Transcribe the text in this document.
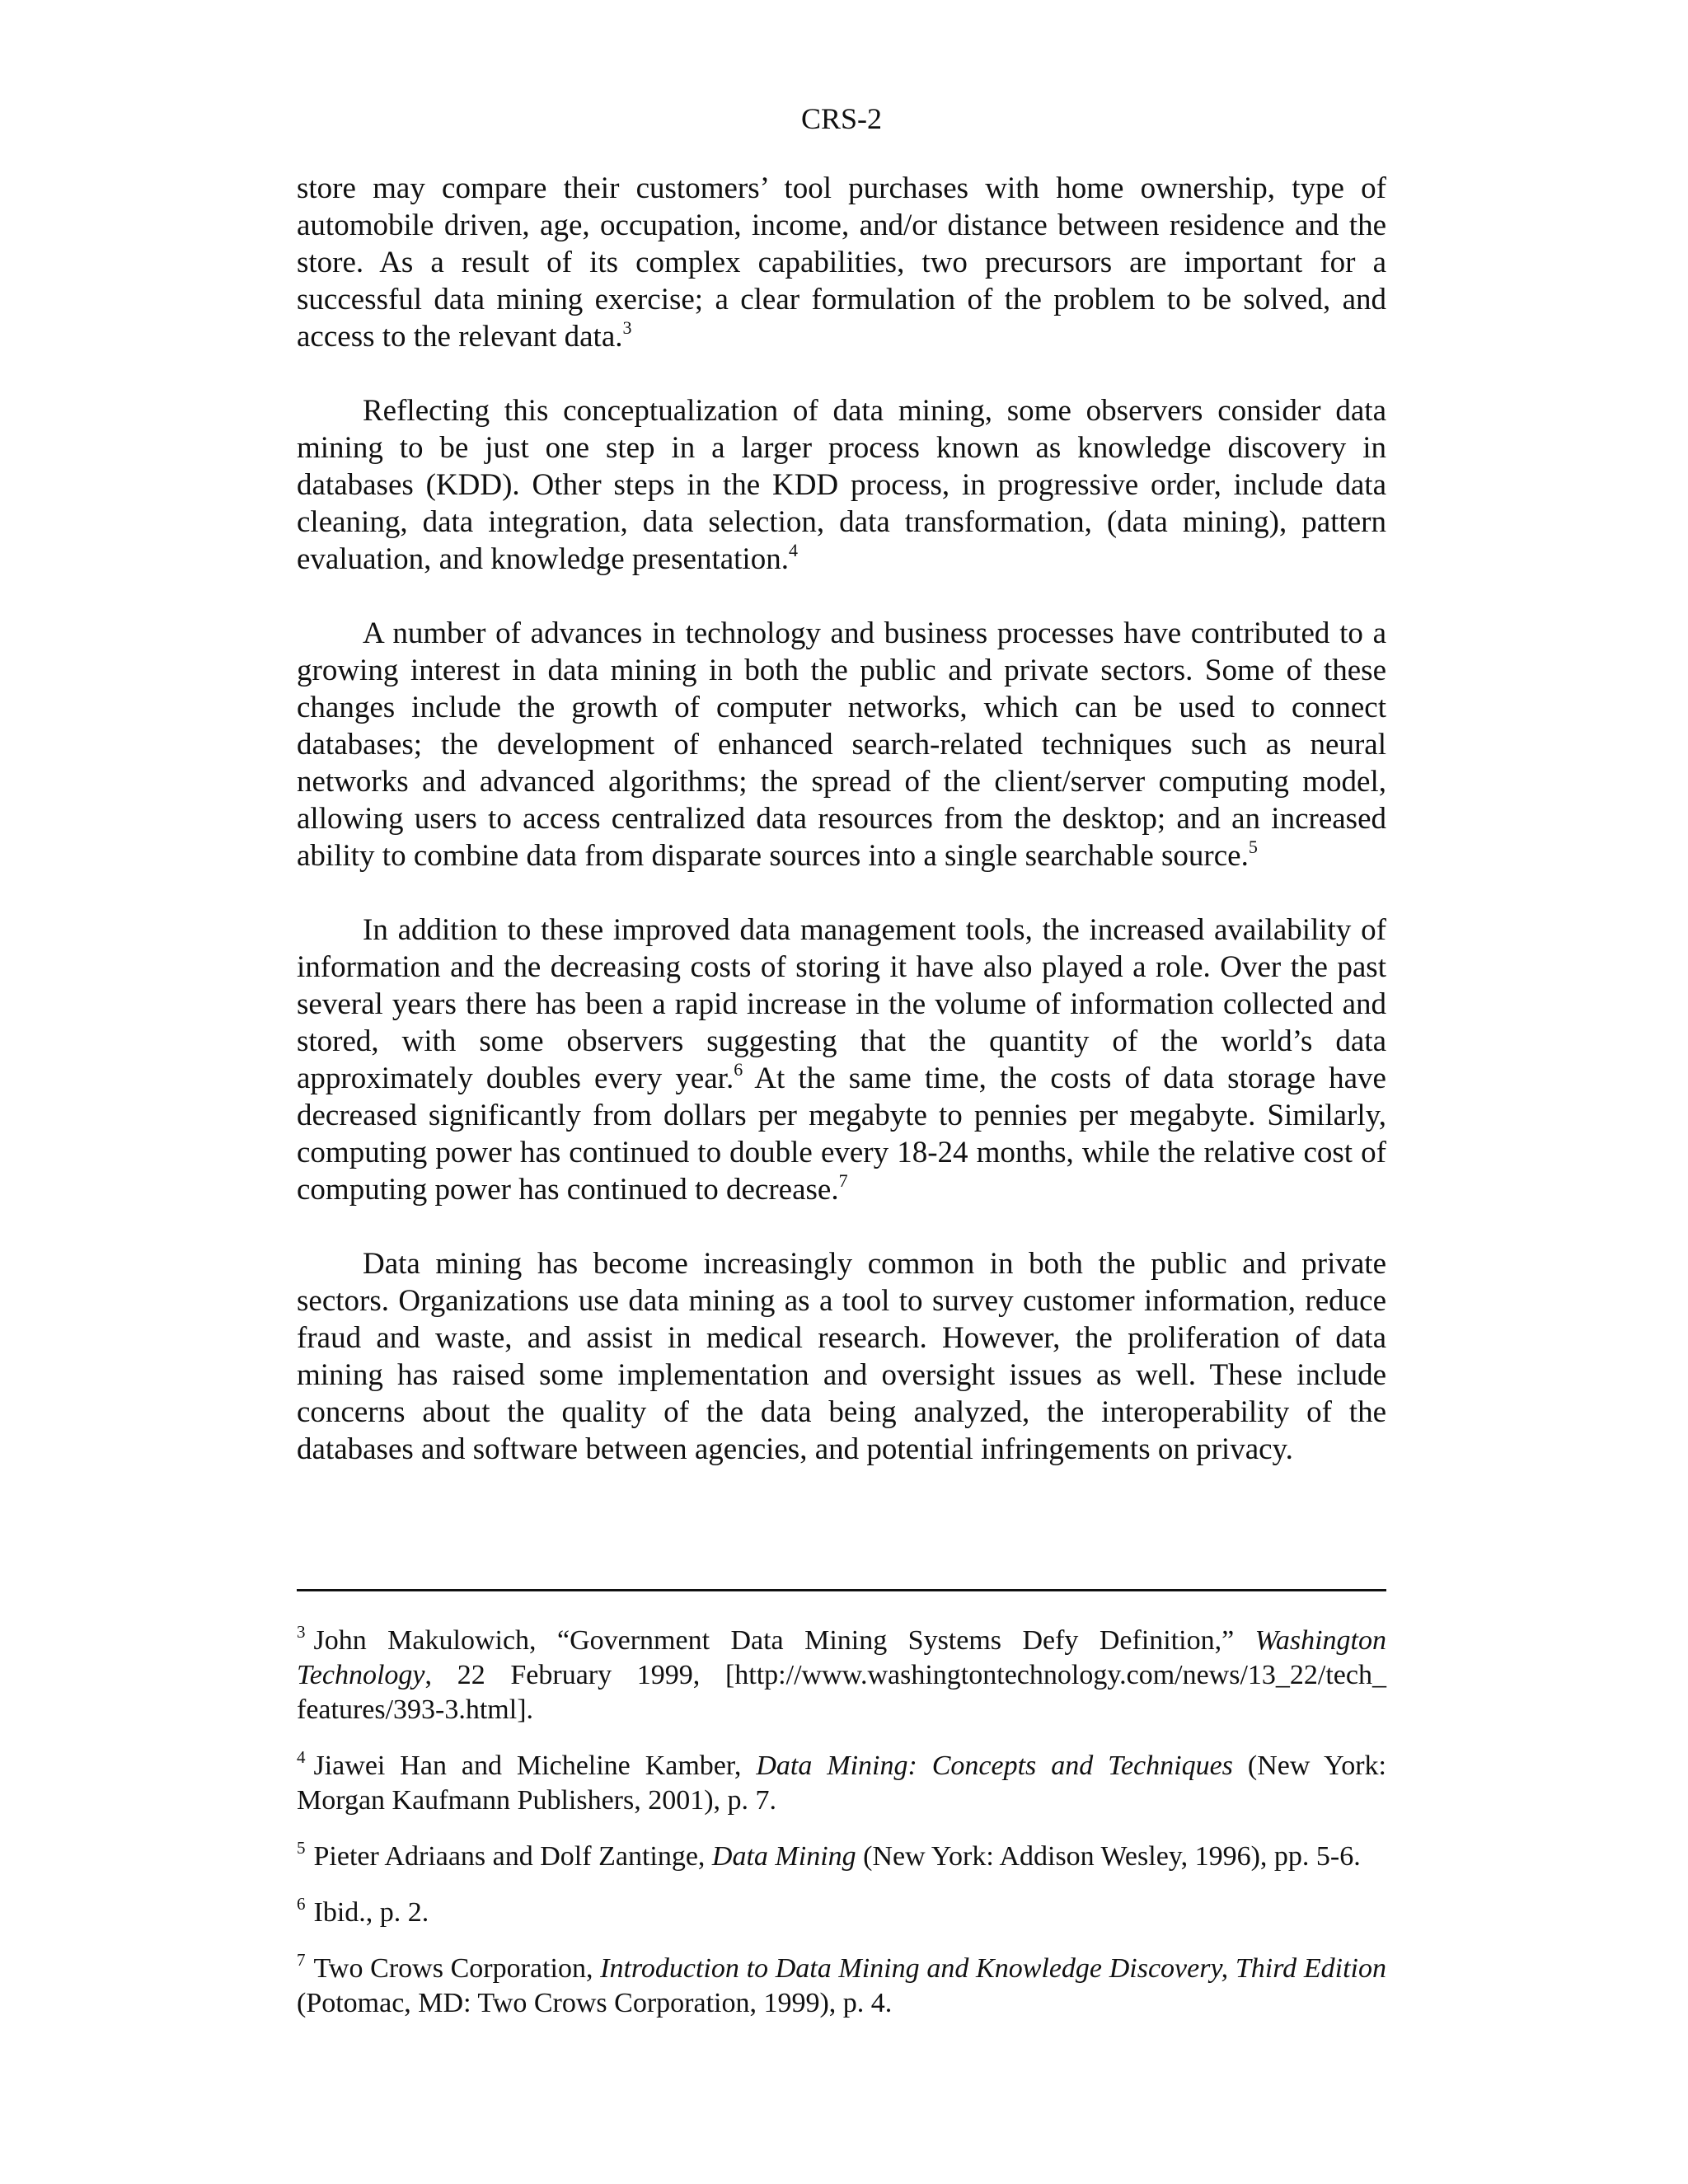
CRS-2

store may compare their customers’ tool purchases with home ownership, type of automobile driven, age, occupation, income, and/or distance between residence and the store. As a result of its complex capabilities, two precursors are important for a successful data mining exercise; a clear formulation of the problem to be solved, and access to the relevant data.$^3$

Reflecting this conceptualization of data mining, some observers consider data mining to be just one step in a larger process known as knowledge discovery in databases (KDD). Other steps in the KDD process, in progressive order, include data cleaning, data integration, data selection, data transformation, (data mining), pattern evaluation, and knowledge presentation.$^4$

A number of advances in technology and business processes have contributed to a growing interest in data mining in both the public and private sectors. Some of these changes include the growth of computer networks, which can be used to connect databases; the development of enhanced search-related techniques such as neural networks and advanced algorithms; the spread of the client/server computing model, allowing users to access centralized data resources from the desktop; and an increased ability to combine data from disparate sources into a single searchable source.$^5$

In addition to these improved data management tools, the increased availability of information and the decreasing costs of storing it have also played a role. Over the past several years there has been a rapid increase in the volume of information collected and stored, with some observers suggesting that the quantity of the world’s data approximately doubles every year.$^6$ At the same time, the costs of data storage have decreased significantly from dollars per megabyte to pennies per megabyte. Similarly, computing power has continued to double every 18-24 months, while the relative cost of computing power has continued to decrease.$^7$

Data mining has become increasingly common in both the public and private sectors. Organizations use data mining as a tool to survey customer information, reduce fraud and waste, and assist in medical research. However, the proliferation of data mining has raised some implementation and oversight issues as well. These include concerns about the quality of the data being analyzed, the interoperability of the databases and software between agencies, and potential infringements on privacy.

$^3$ John Makulowich, “Government Data Mining Systems Defy Definition,” Washington Technology, 22 February 1999, [http://www.washingtontechnology.com/news/13_22/tech_ features/393-3.html].

$^4$ Jiawei Han and Micheline Kamber, Data Mining: Concepts and Techniques (New York: Morgan Kaufmann Publishers, 2001), p. 7.

$^5$ Pieter Adriaans and Dolf Zantinge, Data Mining (New York: Addison Wesley, 1996), pp. 5-6.

$^6$ Ibid., p. 2.

$^7$ Two Crows Corporation, Introduction to Data Mining and Knowledge Discovery, Third Edition (Potomac, MD: Two Crows Corporation, 1999), p. 4.
